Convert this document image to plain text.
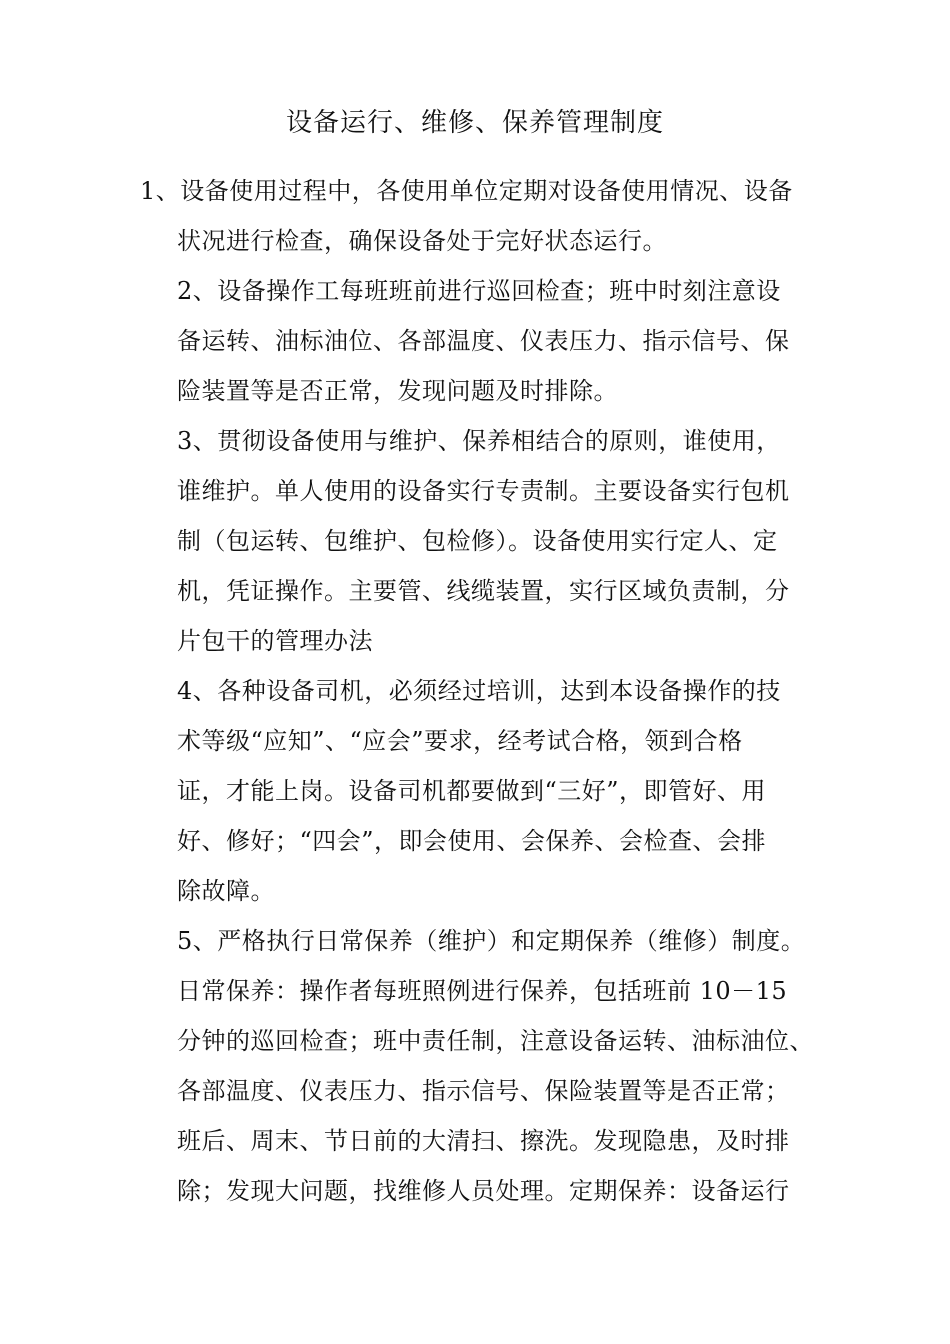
设备运行、维修、保养管理制度
1、设备使用过程中，各使用单位定期对设备使用情况、设备
状况进行检查，确保设备处于完好状态运行。
2、设备操作工每班班前进行巡回检查；班中时刻注意设
备运转、油标油位、各部温度、仪表压力、指示信号、保
险装置等是否正常，发现问题及时排除。
3、贯彻设备使用与维护、保养相结合的原则，谁使用，
谁维护。单人使用的设备实行专责制。主要设备实行包机
制（包运转、包维护、包检修）。设备使用实行定人、定
机，凭证操作。主要管、线缆装置，实行区域负责制，分
片包干的管理办法
4、各种设备司机，必须经过培训，达到本设备操作的技
术等级“应知”、“应会”要求，经考试合格，领到合格
证，才能上岗。设备司机都要做到“三好”，即管好、用
好、修好；“四会”，即会使用、会保养、会检查、会排
除故障。
5、严格执行日常保养（维护）和定期保养（维修）制度。
日常保养：操作者每班照例进行保养，包括班前 10－15
分钟的巡回检查；班中责任制，注意设备运转、油标油位、
各部温度、仪表压力、指示信号、保险装置等是否正常；
班后、周末、节日前的大清扫、擦洗。发现隐患，及时排
除；发现大问题，找维修人员处理。定期保养：设备运行
